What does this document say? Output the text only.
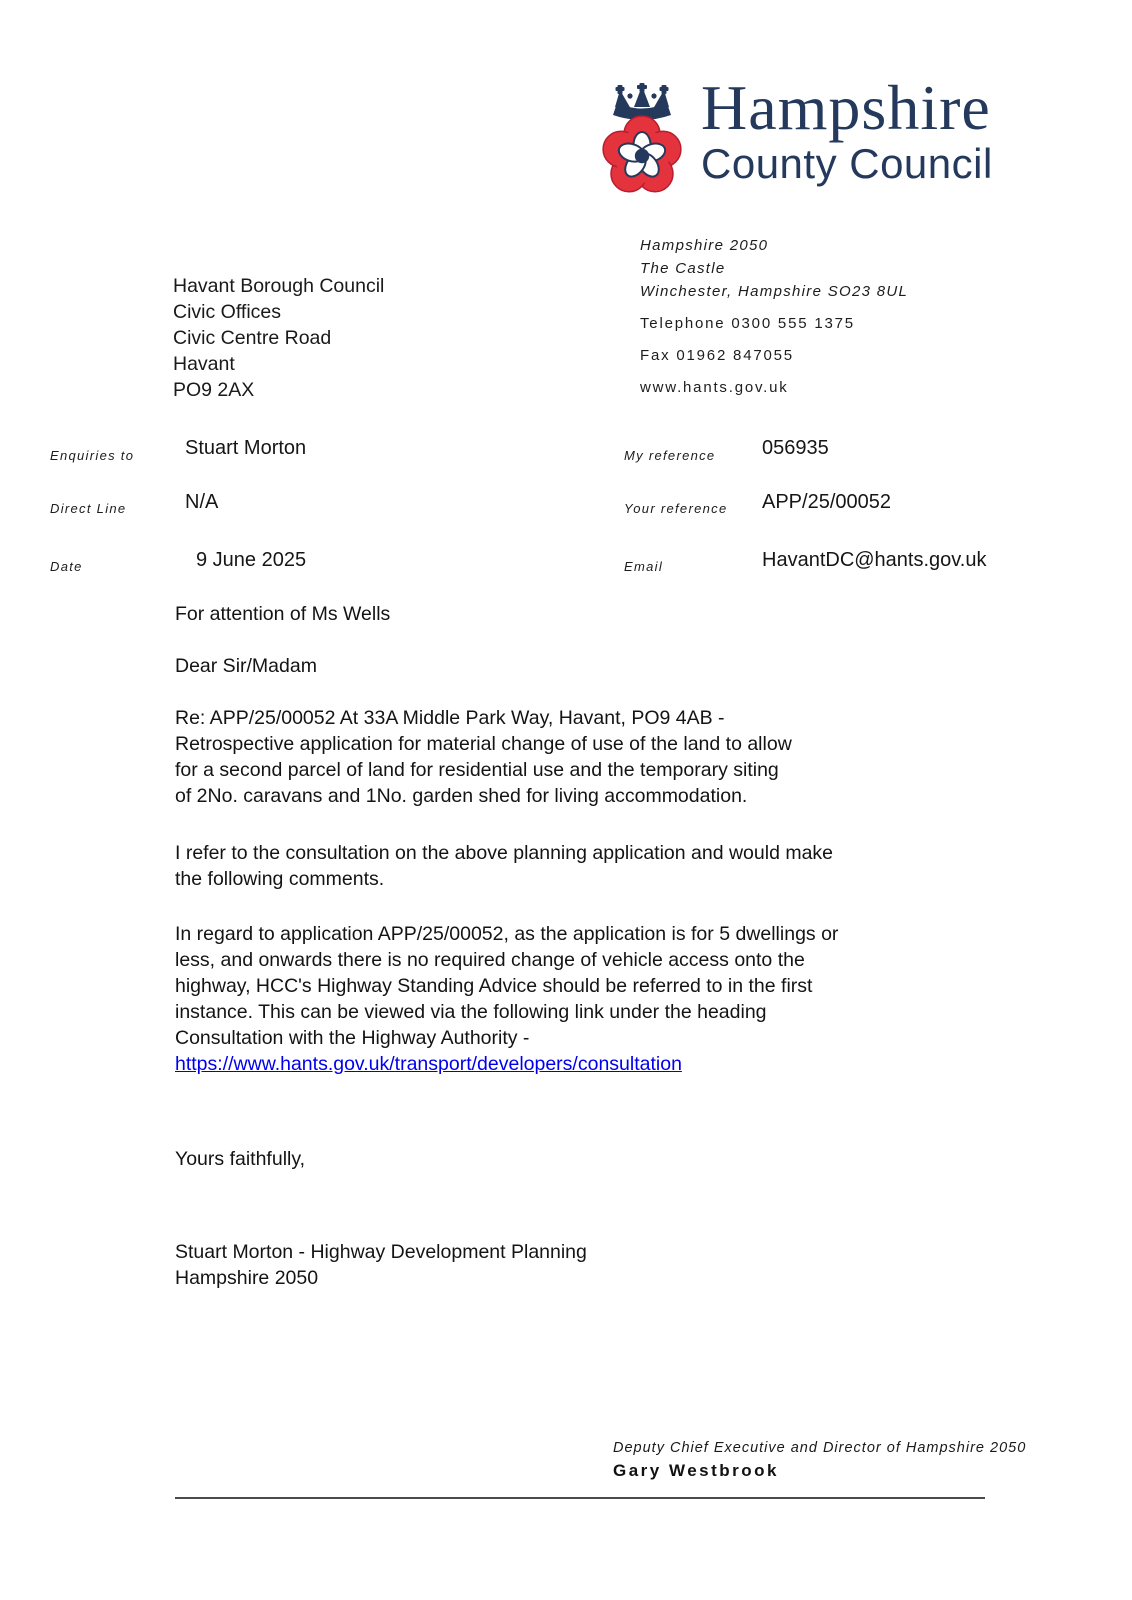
Hampshire
County Council
Hampshire 2050
The Castle
Winchester, Hampshire SO23 8UL
Telephone 0300 555 1375
Fax 01962 847055
www.hants.gov.uk
Havant Borough Council
Civic Offices
Civic Centre Road
Havant
PO9 2AX
Enquiries to	Stuart Morton
Direct Line	N/A
Date	9 June 2025
My reference 056935
Your reference APP/25/00052
Email	HavantDC@hants.gov.uk
For attention of Ms Wells
Dear Sir/Madam
Re: APP/25/00052 At 33A Middle Park Way, Havant, PO9 4AB -
Retrospective application for material change of use of the land to allow
for a second parcel of land for residential use and the temporary siting
of 2No. caravans and 1No. garden shed for living accommodation.
I refer to the consultation on the above planning application and would make
the following comments.
In regard to application APP/25/00052, as the application is for 5 dwellings or
less, and onwards there is no required change of vehicle access onto the
highway, HCC's Highway Standing Advice should be referred to in the first
instance. This can be viewed via the following link under the heading
Consultation with the Highway Authority -
https://www.hants.gov.uk/transport/developers/consultation
Yours faithfully,
Stuart Morton - Highway Development Planning
Hampshire 2050
Deputy Chief Executive and Director of Hampshire 2050
Gary Westbrook
